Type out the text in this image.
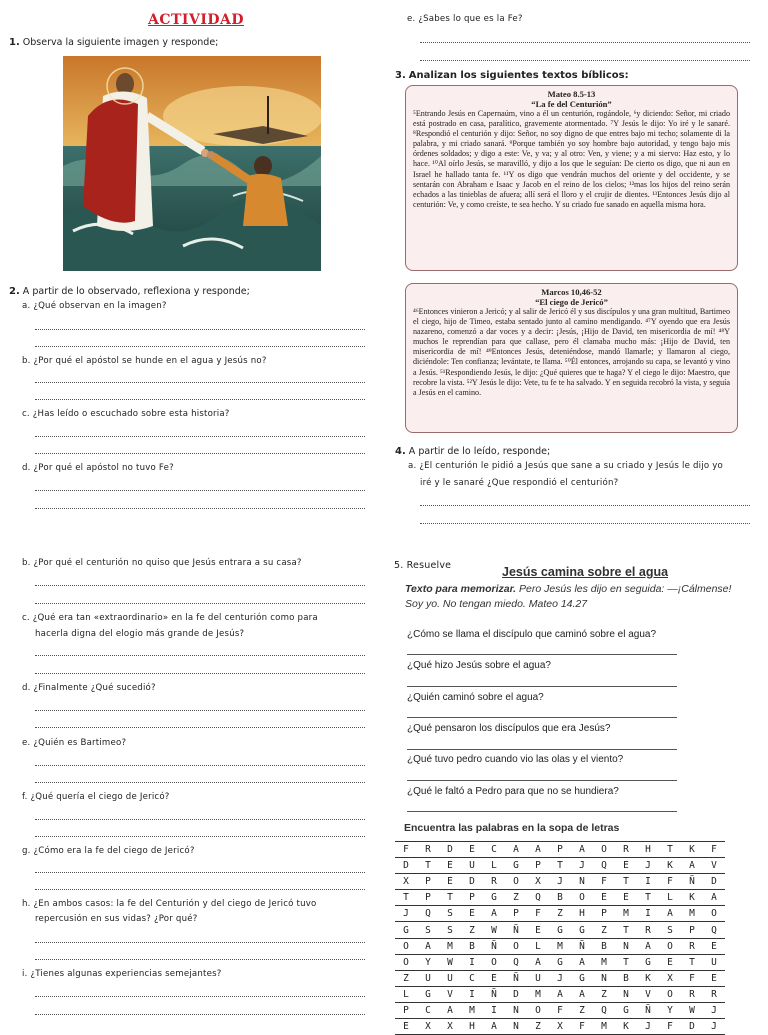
ACTIVIDAD
1. Observa la siguiente imagen y responde;
e. ¿Sabes lo que es la Fe?
3. Analizan los siguientes textos bíblicos:
Mateo 8.5-13
“La fe del Centurión”
⁵Entrando Jesús en Capernaúm, vino a él un centurión, rogándole, ⁶y diciendo: Señor, mi criado está postrado en casa, paralítico, gravemente atormentado. ⁷Y Jesús le dijo: Yo iré y le sanaré. ⁸Respondió el centurión y dijo: Señor, no soy digno de que entres bajo mi techo; solamente di la palabra, y mi criado sanará. ⁹Porque también yo soy hombre bajo autoridad, y tengo bajo mis órdenes soldados; y digo a este: Ve, y va; y al otro: Ven, y viene; y a mi siervo: Haz esto, y lo hace. ¹⁰Al oírlo Jesús, se maravilló, y dijo a los que le seguían: De cierto os digo, que ni aun en Israel he hallado tanta fe. ¹¹Y os digo que vendrán muchos del oriente y del occidente, y se sentarán con Abraham e Isaac y Jacob en el reino de los cielos; ¹²mas los hijos del reino serán echados a las tinieblas de afuera; allí será el lloro y el crujir de dientes. ¹³Entonces Jesús dijo al centurión: Ve, y como creíste, te sea hecho. Y su criado fue sanado en aquella misma hora.
Marcos 10,46-52
“El ciego de Jericó”
⁴⁶Entonces vinieron a Jericó; y al salir de Jericó él y sus discípulos y una gran multitud, Bartimeo el ciego, hijo de Timeo, estaba sentado junto al camino mendigando. ⁴⁷Y oyendo que era Jesús nazareno, comenzó a dar voces y a decir: ¡Jesús, ¡Hijo de David, ten misericordia de mí! ⁴⁸Y muchos le reprendían para que callase, pero él clamaba mucho más: ¡Hijo de David, ten misericordia de mí! ⁴⁹Entonces Jesús, deteniéndose, mandó llamarle; y llamaron al ciego, diciéndole: Ten confianza; levántate, te llama. ⁵⁰Él entonces, arrojando su capa, se levantó y vino a Jesús. ⁵¹Respondiendo Jesús, le dijo: ¿Qué quieres que te haga? Y el ciego le dijo: Maestro, que recobre la vista. ⁵²Y Jesús le dijo: Vete, tu fe te ha salvado. Y en seguida recobró la vista, y seguía a Jesús en el camino.
4. A partir de lo leído, responde;
a. ¿El centurión le pidió a Jesús que sane a su criado y Jesús le dijo yo
iré y le sanaré ¿Que respondió el centurión?
2. A partir de lo observado, reflexiona y responde;
a. ¿Qué observan en la imagen?
b. ¿Por qué el apóstol se hunde en el agua y Jesús no?
c. ¿Has leído o escuchado sobre esta historia?
d. ¿Por qué el apóstol no tuvo Fe?
b. ¿Por qué el centurión no quiso que Jesús entrara a su casa?
c. ¿Qué era tan «extraordinario» en la fe del centurión como para
hacerla digna del elogio más grande de Jesús?
d. ¿Finalmente ¿Qué sucedió?
e. ¿Quién es Bartimeo?
f. ¿Qué quería el ciego de Jericó?
g. ¿Cómo era la fe del ciego de Jericó?
h. ¿En ambos casos: la fe del Centurión y del ciego de Jericó tuvo
repercusión en sus vidas? ¿Por qué?
i. ¿Tienes algunas experiencias semejantes?
5. Resuelve	Jesús camina sobre el agua
Texto para memorizar. Pero Jesús les dijo en seguida: —¡Cálmense! Soy yo. No tengan miedo. Mateo 14.27
¿Cómo se llama el discípulo que caminó sobre el agua?
¿Qué hizo Jesús sobre el agua?
¿Quién caminó sobre el agua?
¿Qué pensaron los discípulos que era Jesús?
¿Qué tuvo pedro cuando vio las olas y el viento?
¿Qué le faltó a Pedro para que no se hundiera?
Encuentra las palabras en la sopa de letras
F	R	D	E	C	A	A	P	A	O	R	H	T	K	F
D	T	E	U	L	G	P	T	J	Q	E	J	K	A	V
X	P	E	D	R	O	X	J	N	F	T	I	F	Ñ	D
T	P	T	P	G	Z	Q	B	O	E	E	T	L	K	A
J	Q	S	E	A	P	F	Z	H	P	M	I	A	M	O
G	S	S	Z	W	Ñ	E	G	G	Z	T	R	S	P	Q
O	A	M	B	Ñ	O	L	M	Ñ	B	N	A	O	R	E
O	Y	W	I	O	Q	A	G	A	M	T	G	E	T	U
Z	U	U	C	E	Ñ	U	J	G	N	B	K	X	F	E
L	G	V	I	Ñ	D	M	A	A	Z	N	V	O	R	R
P	C	A	M	I	N	O	F	Z	Q	G	Ñ	Y	W	J
E	X	X	H	A	N	Z	X	F	M	K	J	F	D	J
